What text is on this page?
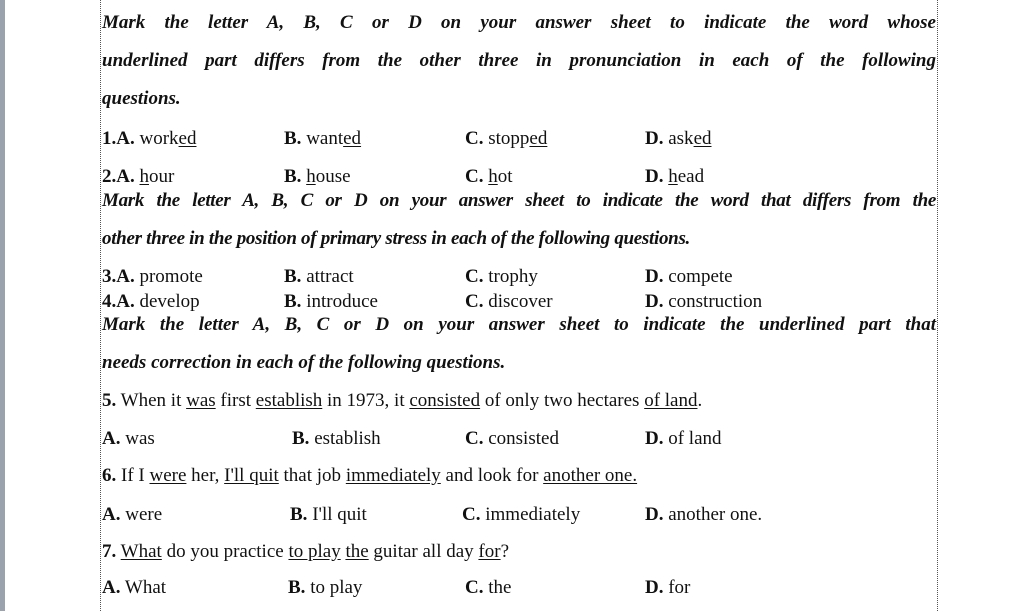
Mark the letter A, B, C or D on your answer sheet to indicate the word whose
underlined part differs from the other three in pronunciation in each of the following
questions.
1.A. worked	B. wanted	C. stopped	D. asked
2.A. hour	B. house	C. hot	D. head
Mark the letter A, B, C or D on your answer sheet to indicate the word that differs from the
other three in the position of primary stress in each of the following questions.
3.A. promote	B. attract	C. trophy	D. compete
4.A. develop	B. introduce	C. discover	D. construction
Mark the letter A, B, C or D on your answer sheet to indicate the underlined part that
needs correction in each of the following questions.
5. When it was first establish in 1973, it consisted of only two hectares of land.
A. was	B. establish	C. consisted	D. of land
6. If I were her, I'll quit that job immediately and look for another one.
A. were	B. I'll quit	C. immediately	D. another one.
7. What do you practice to play the guitar all day for?
A. What	B. to play	C. the	D. for
